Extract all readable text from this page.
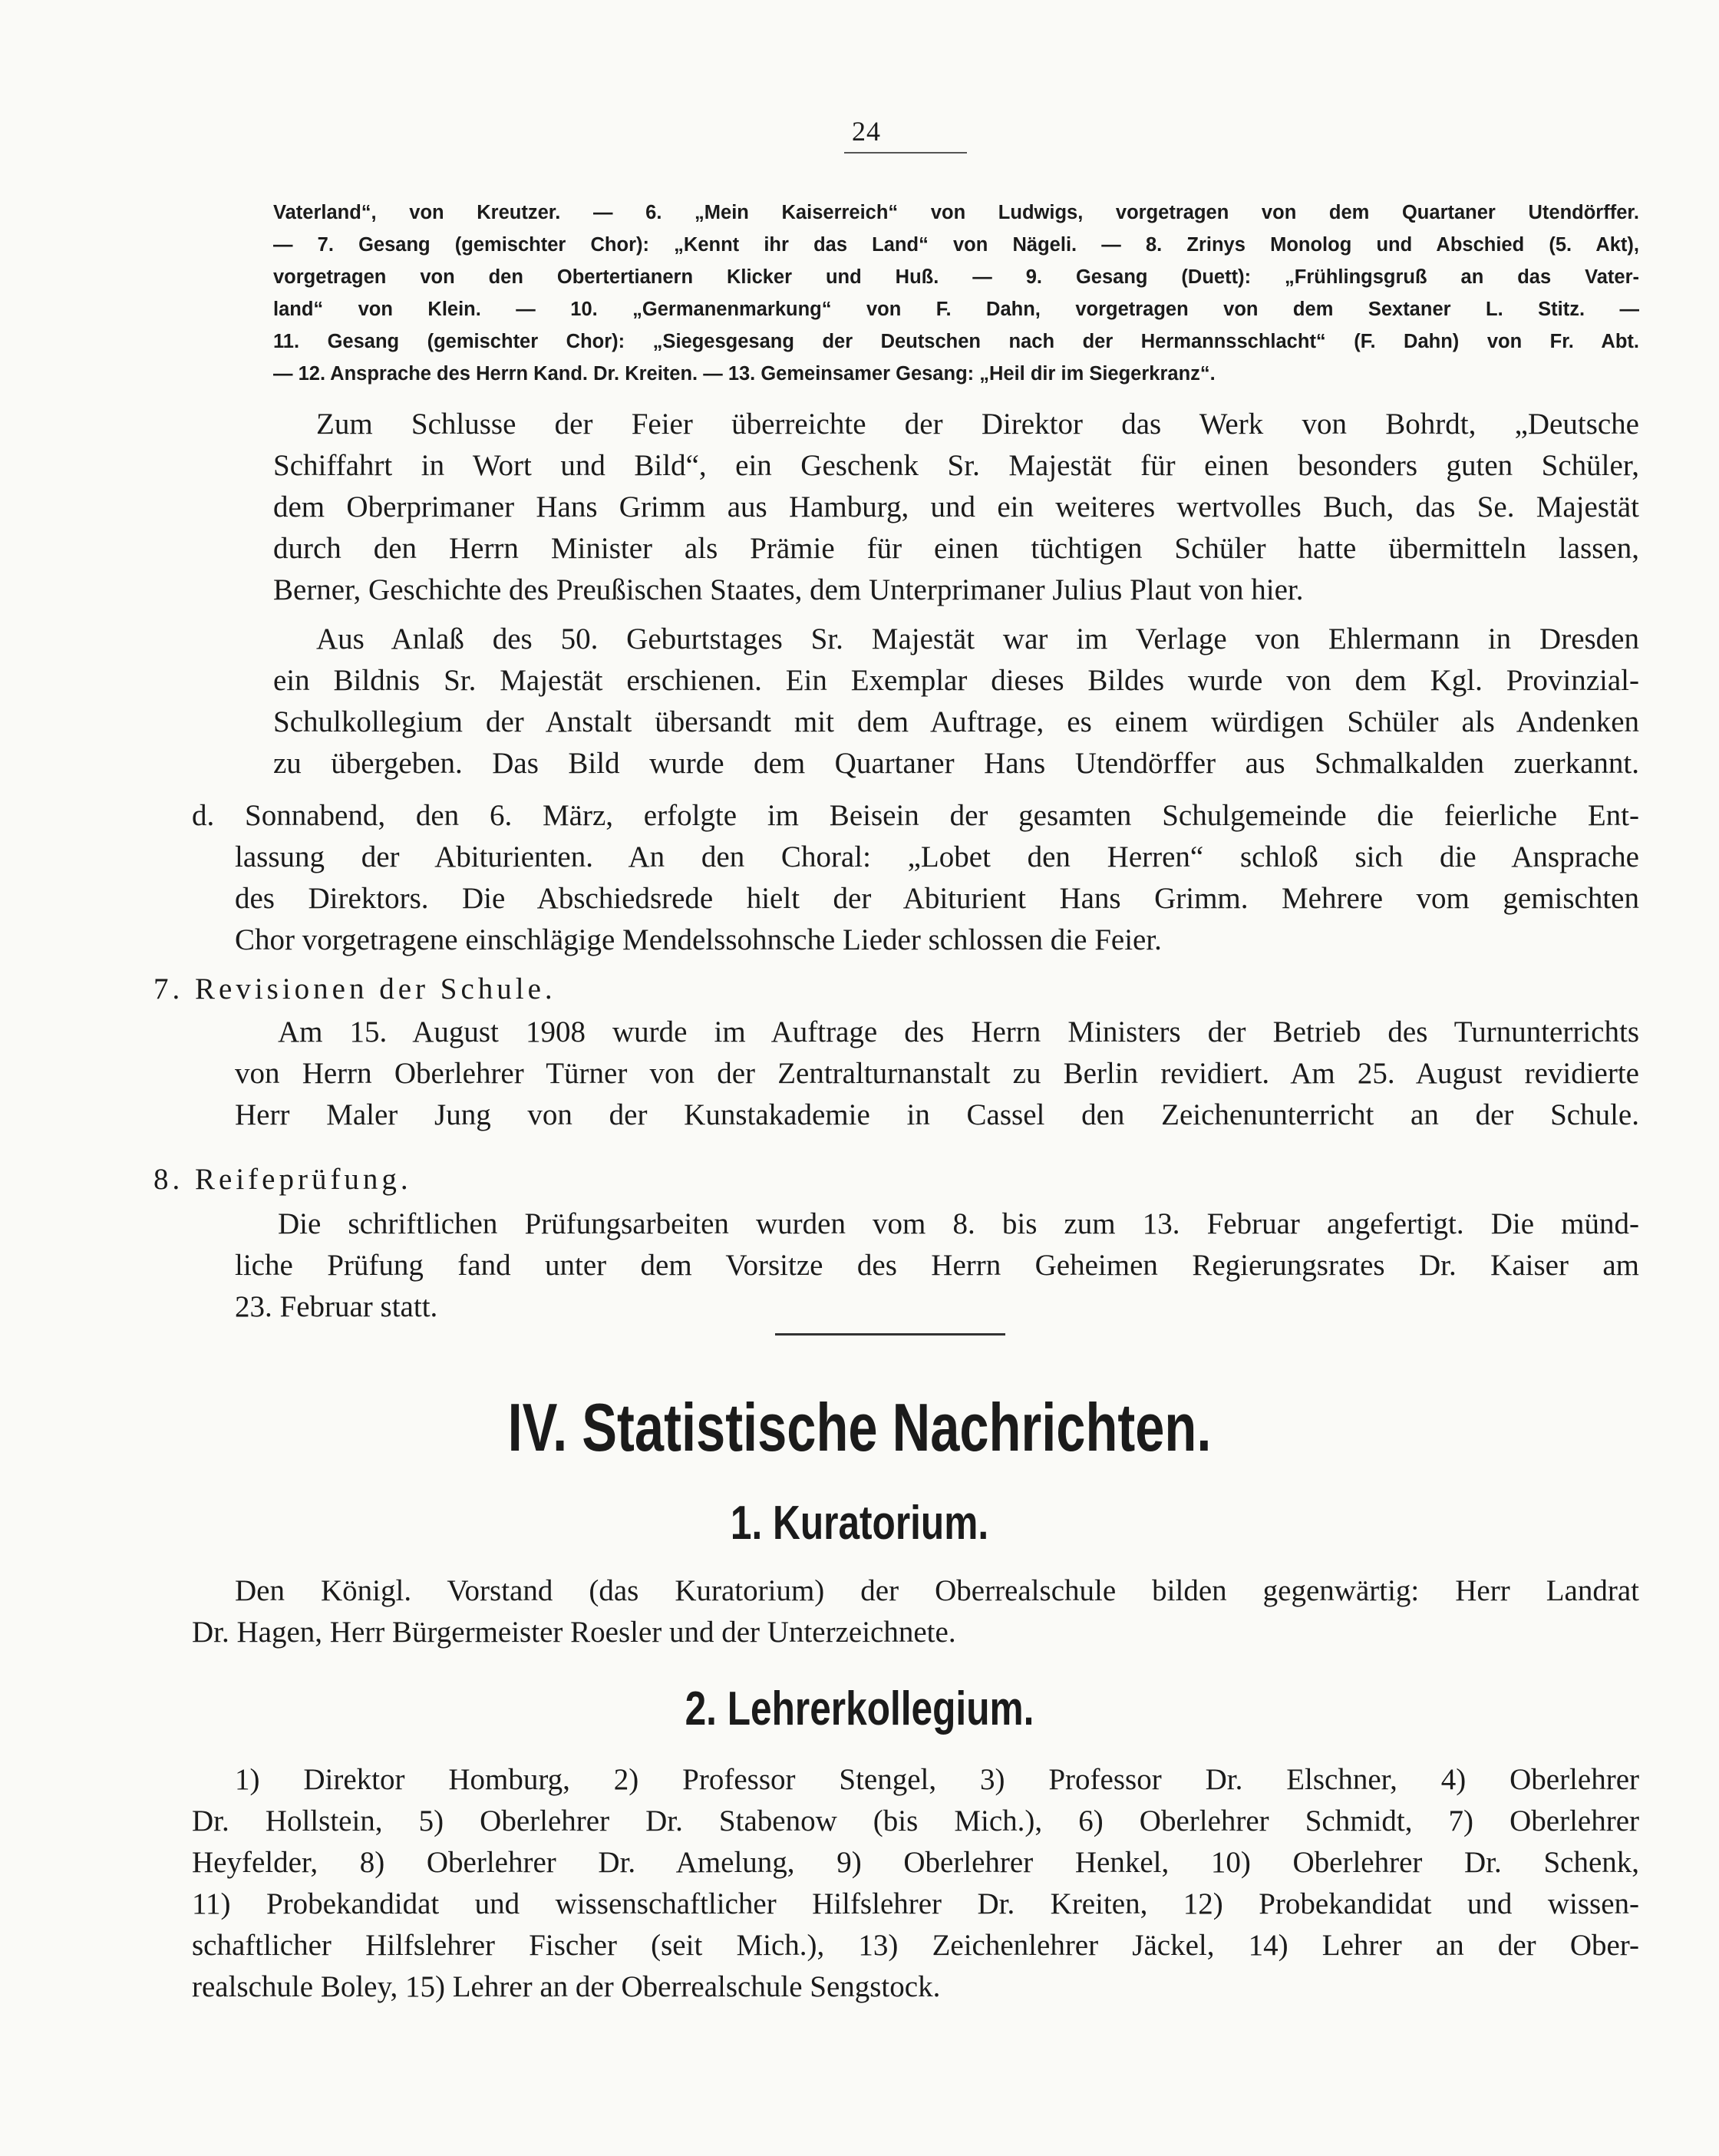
24
Vaterland“, von Kreutzer. — 6. „Mein Kaiserreich“ von Ludwigs, vorgetragen von dem Quartaner Utendörffer.
— 7. Gesang (gemischter Chor): „Kennt ihr das Land“ von Nägeli. — 8. Zrinys Monolog und Abschied (5. Akt),
vorgetragen von den Obertertianern Klicker und Huß. — 9. Gesang (Duett): „Frühlingsgruß an das Vater-
land“ von Klein. — 10. „Germanenmarkung“ von F. Dahn, vorgetragen von dem Sextaner L. Stitz. —
11. Gesang (gemischter Chor): „Siegesgesang der Deutschen nach der Hermannsschlacht“ (F. Dahn) von Fr. Abt.
— 12. Ansprache des Herrn Kand. Dr. Kreiten. — 13. Gemeinsamer Gesang: „Heil dir im Siegerkranz“.
Zum Schlusse der Feier überreichte der Direktor das Werk von Bohrdt, „Deutsche
Schiffahrt in Wort und Bild“, ein Geschenk Sr. Majestät für einen besonders guten Schüler,
dem Oberprimaner Hans Grimm aus Hamburg, und ein weiteres wertvolles Buch, das Se. Majestät
durch den Herrn Minister als Prämie für einen tüchtigen Schüler hatte übermitteln lassen,
Berner, Geschichte des Preußischen Staates, dem Unterprimaner Julius Plaut von hier.
Aus Anlaß des 50. Geburtstages Sr. Majestät war im Verlage von Ehlermann in Dresden
ein Bildnis Sr. Majestät erschienen. Ein Exemplar dieses Bildes wurde von dem Kgl. Provinzial-
Schulkollegium der Anstalt übersandt mit dem Auftrage, es einem würdigen Schüler als Andenken
zu übergeben. Das Bild wurde dem Quartaner Hans Utendörffer aus Schmalkalden zuerkannt.
d. Sonnabend, den 6. März, erfolgte im Beisein der gesamten Schulgemeinde die feierliche Ent-
lassung der Abiturienten. An den Choral: „Lobet den Herren“ schloß sich die Ansprache
des Direktors. Die Abschiedsrede hielt der Abiturient Hans Grimm. Mehrere vom gemischten
Chor vorgetragene einschlägige Mendelssohnsche Lieder schlossen die Feier.
7. Revisionen der Schule.
Am 15. August 1908 wurde im Auftrage des Herrn Ministers der Betrieb des Turnunterrichts
von Herrn Oberlehrer Türner von der Zentralturnanstalt zu Berlin revidiert. Am 25. August revidierte
Herr Maler Jung von der Kunstakademie in Cassel den Zeichenunterricht an der Schule.
8. Reifeprüfung.
Die schriftlichen Prüfungsarbeiten wurden vom 8. bis zum 13. Februar angefertigt. Die münd-
liche Prüfung fand unter dem Vorsitze des Herrn Geheimen Regierungsrates Dr. Kaiser am
23. Februar statt.
IV. Statistische Nachrichten.
1. Kuratorium.
Den Königl. Vorstand (das Kuratorium) der Oberrealschule bilden gegenwärtig: Herr Landrat
Dr. Hagen, Herr Bürgermeister Roesler und der Unterzeichnete.
2. Lehrerkollegium.
1) Direktor Homburg, 2) Professor Stengel, 3) Professor Dr. Elschner, 4) Oberlehrer
Dr. Hollstein, 5) Oberlehrer Dr. Stabenow (bis Mich.), 6) Oberlehrer Schmidt, 7) Oberlehrer
Heyfelder, 8) Oberlehrer Dr. Amelung, 9) Oberlehrer Henkel, 10) Oberlehrer Dr. Schenk,
11) Probekandidat und wissenschaftlicher Hilfslehrer Dr. Kreiten, 12) Probekandidat und wissen-
schaftlicher Hilfslehrer Fischer (seit Mich.), 13) Zeichenlehrer Jäckel, 14) Lehrer an der Ober-
realschule Boley, 15) Lehrer an der Oberrealschule Sengstock.
